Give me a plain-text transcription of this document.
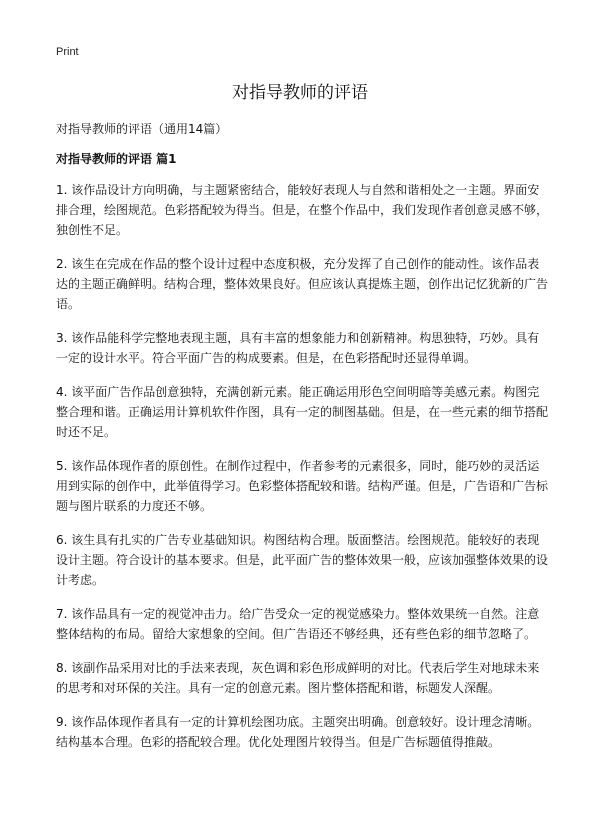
Print
对指导教师的评语

对指导教师的评语（通用14篇）

对指导教师的评语 篇1

1. 该作品设计方向明确，与主题紧密结合，能较好表现人与自然和谐相处之一主题。界面安排合理，绘图规范。色彩搭配较为得当。但是，在整个作品中，我们发现作者创意灵感不够，独创性不足。

2. 该生在完成在作品的整个设计过程中态度积极，充分发挥了自己创作的能动性。该作品表达的主题正确鲜明。结构合理，整体效果良好。但应该认真提炼主题，创作出记忆犹新的广告语。

3. 该作品能科学完整地表现主题，具有丰富的想象能力和创新精神。构思独特，巧妙。具有一定的设计水平。符合平面广告的构成要素。但是，在色彩搭配时还显得单调。

4. 该平面广告作品创意独特，充满创新元素。能正确运用形色空间明暗等美感元素。构图完整合理和谐。正确运用计算机软件作图，具有一定的制图基础。但是，在一些元素的细节搭配时还不足。

5. 该作品体现作者的原创性。在制作过程中，作者参考的元素很多，同时，能巧妙的灵活运用到实际的创作中，此举值得学习。色彩整体搭配较和谐。结构严谨。但是，广告语和广告标题与图片联系的力度还不够。

6. 该生具有扎实的广告专业基础知识。构图结构合理。版面整洁。绘图规范。能较好的表现设计主题。符合设计的基本要求。但是，此平面广告的整体效果一般，应该加强整体效果的设计考虑。

7. 该作品具有一定的视觉冲击力。给广告受众一定的视觉感染力。整体效果统一自然。注意整体结构的布局。留给大家想象的空间。但广告语还不够经典，还有些色彩的细节忽略了。

8. 该副作品采用对比的手法来表现，灰色调和彩色形成鲜明的对比。代表后学生对地球未来的思考和对环保的关注。具有一定的创意元素。图片整体搭配和谐，标题发人深醒。

9. 该作品体现作者具有一定的计算机绘图功底。主题突出明确。创意较好。设计理念清晰。结构基本合理。色彩的搭配较合理。优化处理图片较得当。但是广告标题值得推敲。
